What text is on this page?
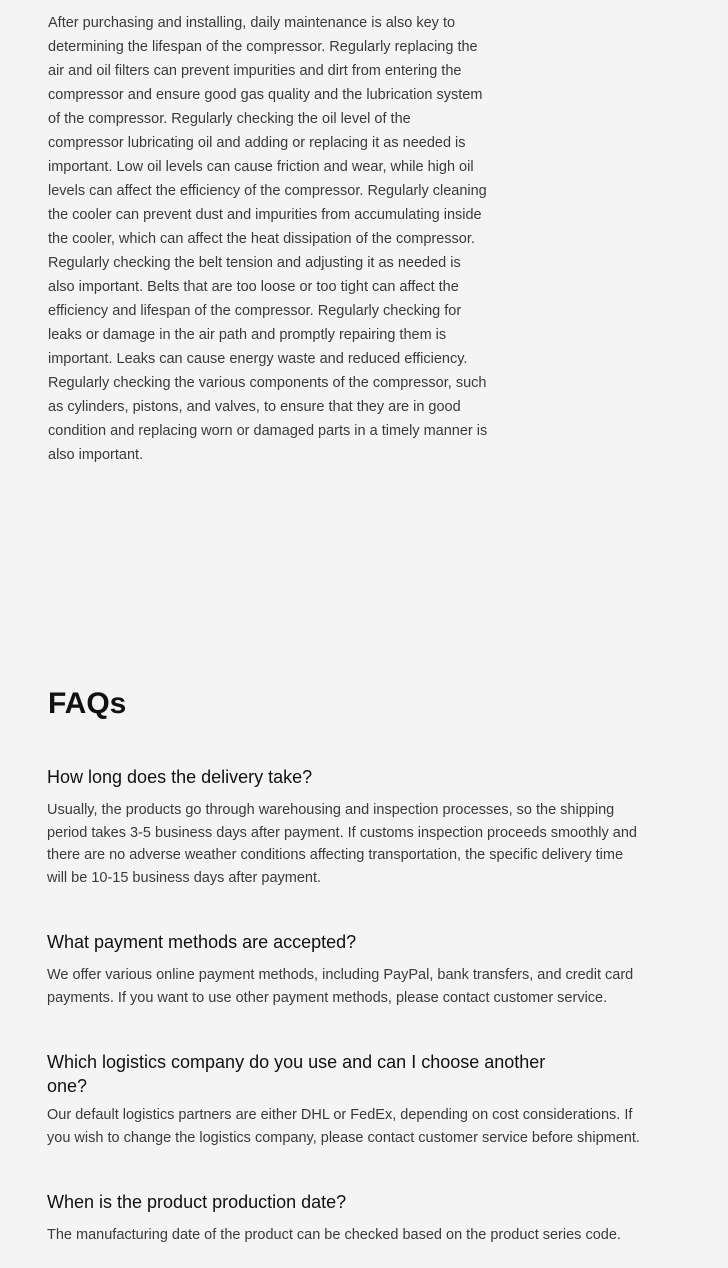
After purchasing and installing, daily maintenance is also key to determining the lifespan of the compressor. Regularly replacing the air and oil filters can prevent impurities and dirt from entering the compressor and ensure good gas quality and the lubrication system of the compressor. Regularly checking the oil level of the compressor lubricating oil and adding or replacing it as needed is important. Low oil levels can cause friction and wear, while high oil levels can affect the efficiency of the compressor. Regularly cleaning the cooler can prevent dust and impurities from accumulating inside the cooler, which can affect the heat dissipation of the compressor. Regularly checking the belt tension and adjusting it as needed is also important. Belts that are too loose or too tight can affect the efficiency and lifespan of the compressor. Regularly checking for leaks or damage in the air path and promptly repairing them is important. Leaks can cause energy waste and reduced efficiency. Regularly checking the various components of the compressor, such as cylinders, pistons, and valves, to ensure that they are in good condition and replacing worn or damaged parts in a timely manner is also important.

FAQs
How long does the delivery take?

Usually, the products go through warehousing and inspection processes, so the shipping period takes 3-5 business days after payment. If customs inspection proceeds smoothly and there are no adverse weather conditions affecting transportation, the specific delivery time will be 10-15 business days after payment.

What payment methods are accepted?

We offer various online payment methods, including PayPal, bank transfers, and credit card payments. If you want to use other payment methods, please contact customer service.

Which logistics company do you use and can I choose another one?

Our default logistics partners are either DHL or FedEx, depending on cost considerations. If you wish to change the logistics company, please contact customer service before shipment.

When is the product production date?

The manufacturing date of the product can be checked based on the product series code.
